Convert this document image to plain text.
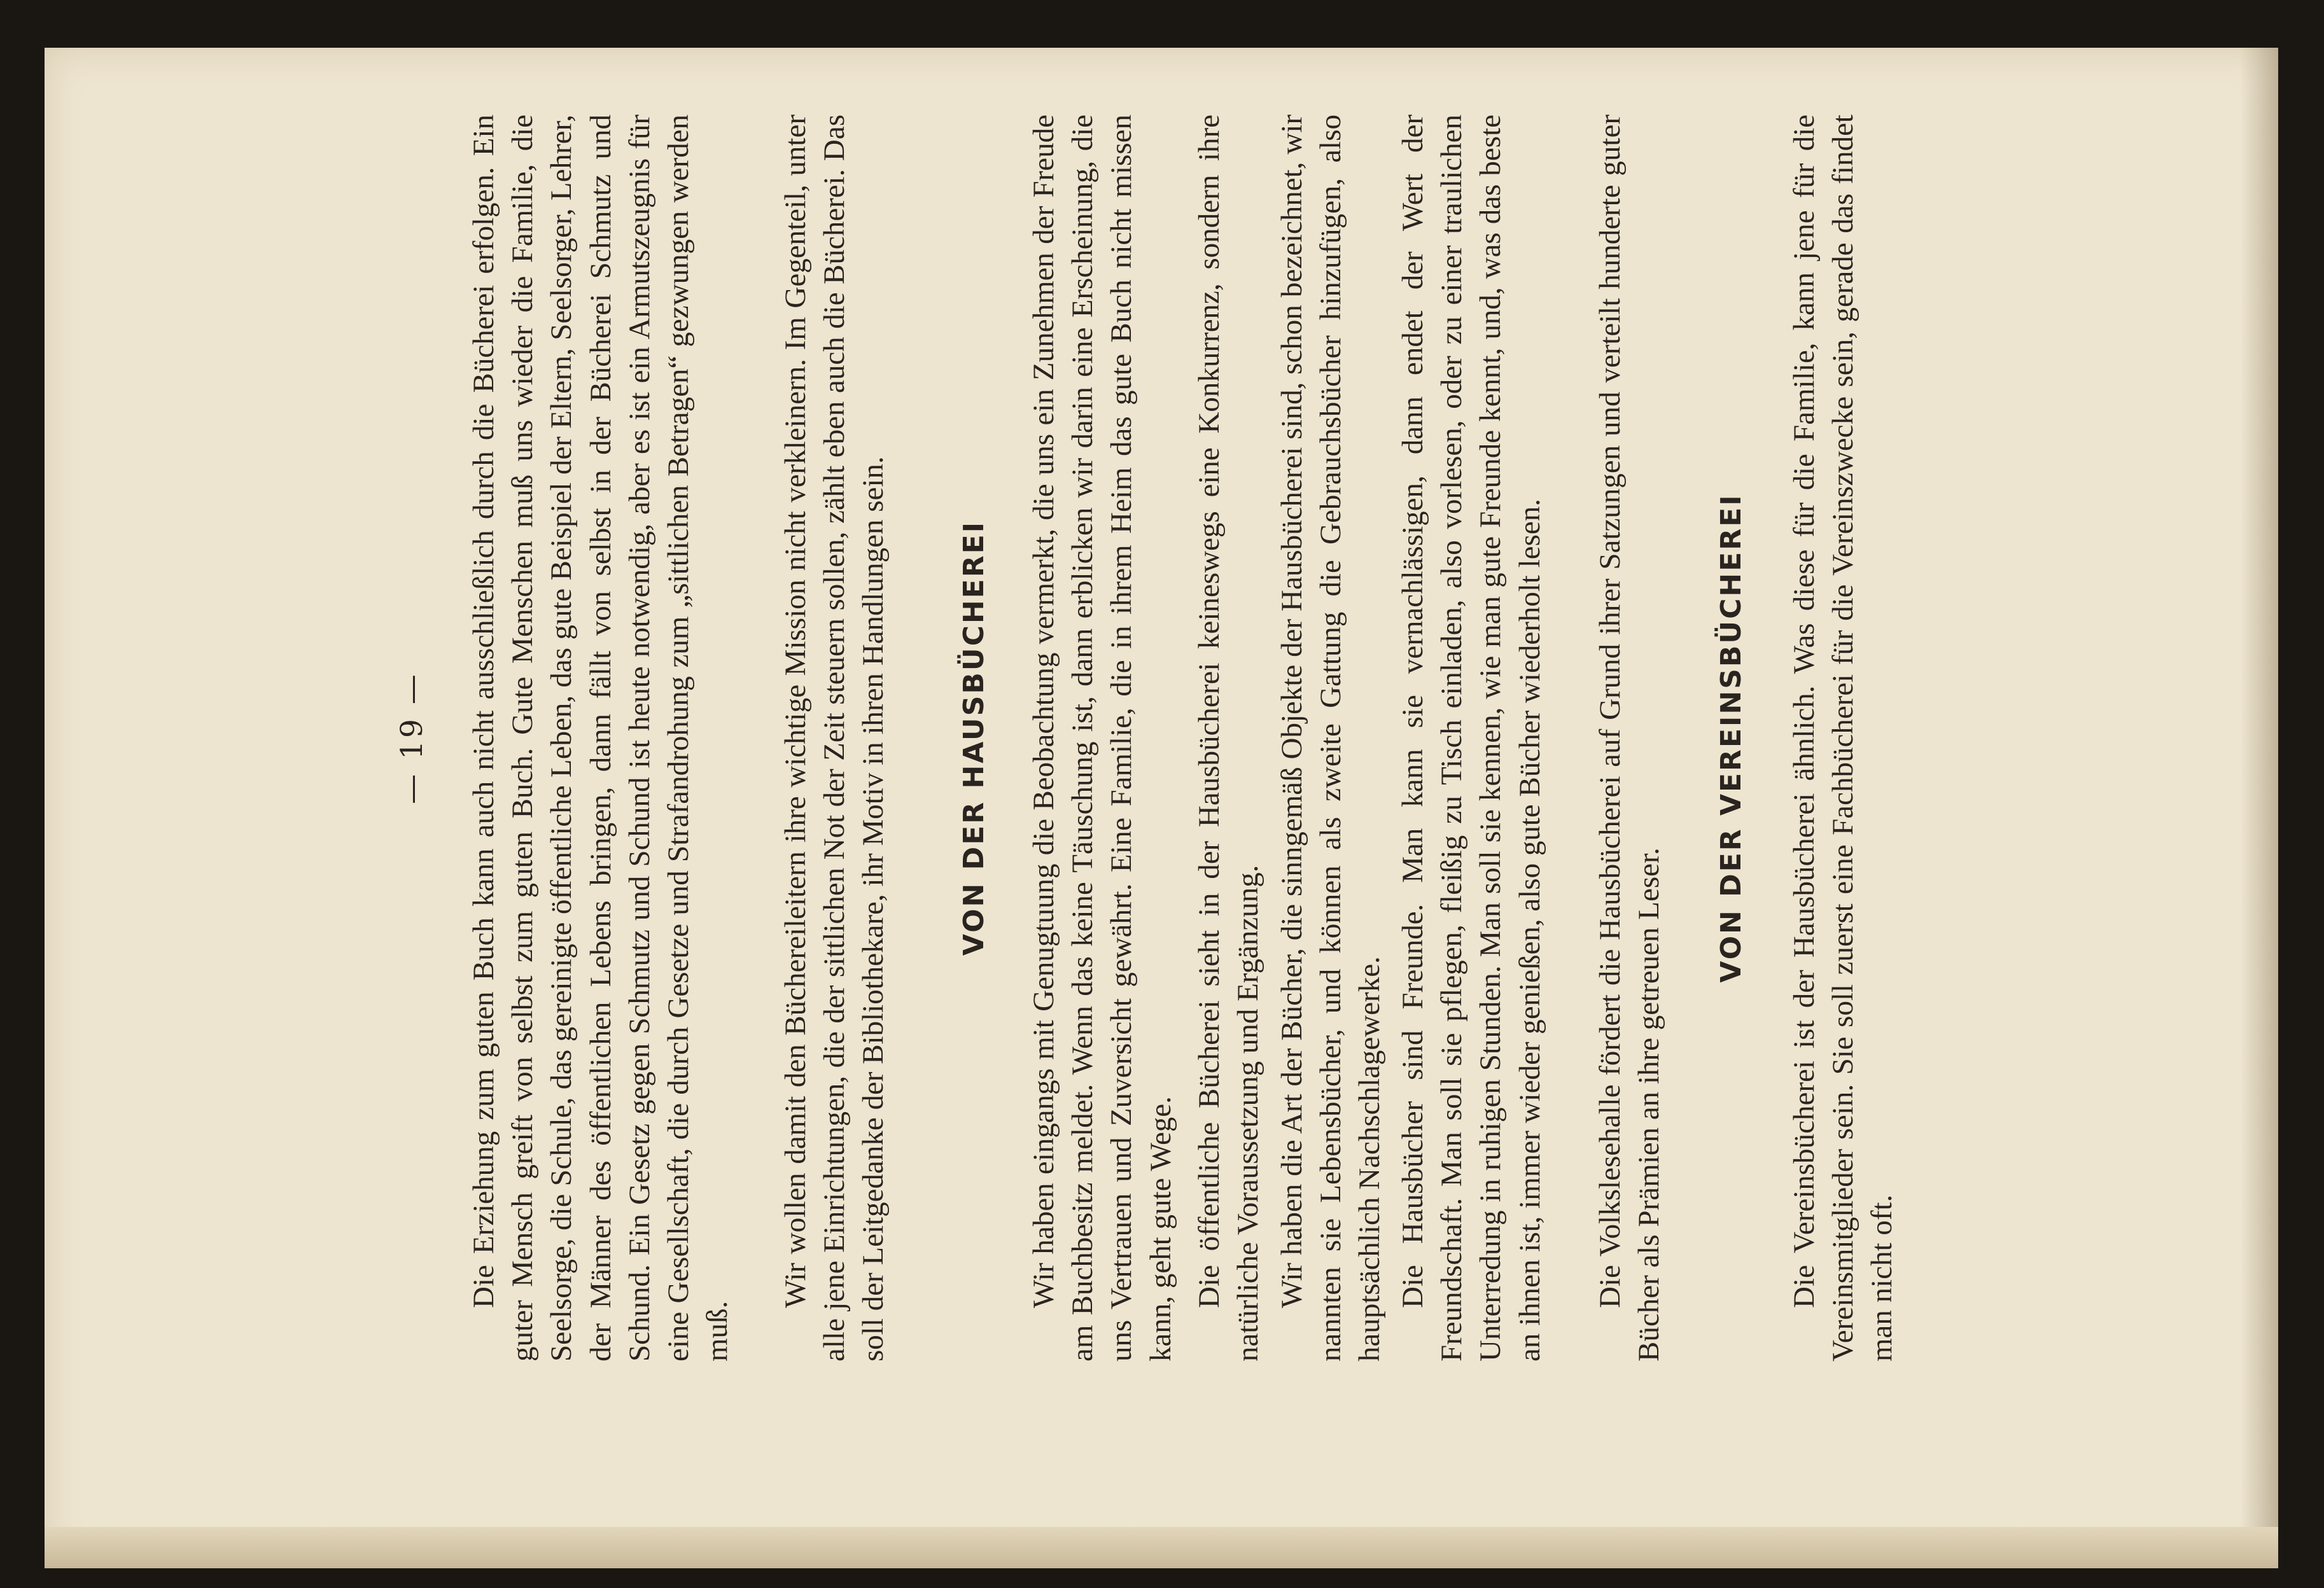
— 19 — Die Erziehung zum guten Buch kann auch nicht ausschließlich durch die Bücherei erfolgen. Ein guter Mensch greift von selbst zum guten Buch. Gute Menschen muß uns wieder die Familie, die Seelsorge, die Schule, das gereinigte öffentliche Leben, das gute Beispiel der Eltern, Seelsorger, Lehrer, der Männer des öffentlichen Lebens bringen, dann fällt von selbst in der Bücherei Schmutz und Schund. Ein Gesetz gegen Schmutz und Schund ist heute notwendig, aber es ist ein Armutszeugnis für eine Gesellschaft, die durch Gesetze und Strafandrohung zum „sittlichen Betragen“ gezwungen werden muß.

Wir wollen damit den Büchereileitern ihre wichtige Mission nicht verkleinern. Im Gegenteil, unter alle jene Einrichtungen, die der sittlichen Not der Zeit steuern sollen, zählt eben auch die Bücherei. Das soll der Leitgedanke der Bibliothekare, ihr Motiv in ihren Handlungen sein. VON DER HAUSBÜCHEREI Wir haben eingangs mit Genugtuung die Beobachtung vermerkt, die uns ein Zunehmen der Freude am Buchbesitz meldet. Wenn das keine Täuschung ist, dann erblicken wir darin eine Erscheinung, die uns Vertrauen und Zuversicht gewährt. Eine Familie, die in ihrem Heim das gute Buch nicht missen kann, geht gute Wege. Die öffentliche Bücherei sieht in der Hausbücherei keineswegs eine Konkurrenz, sondern ihre natürliche Voraussetzung und Ergänzung. Wir haben die Art der Bücher, die sinngemäß Objekte der Hausbücherei sind, schon bezeichnet, wir nannten sie Lebensbücher, und können als zweite Gattung die Gebrauchsbücher hinzufügen, also hauptsächlich Nachschlagewerke. Die Hausbücher sind Freunde. Man kann sie vernachlässigen, dann endet der Wert der Freundschaft. Man soll sie pflegen, fleißig zu Tisch einladen, also vorlesen, oder zu einer traulichen Unterredung in ruhigen Stunden. Man soll sie kennen, wie man gute Freunde kennt, und, was das beste an ihnen ist, immer wieder genießen, also gute Bücher wiederholt lesen. Die Volkslesehalle fördert die Hausbücherei auf Grund ihrer Satzungen und verteilt hunderte guter Bücher als Prämien an ihre getreuen Leser.

VON DER VEREINSBÜCHEREI Die Vereinsbücherei ist der Hausbücherei ähnlich. Was diese für die Familie, kann jene für die Vereinsmitglieder sein. Sie soll zuerst eine Fachbücherei für die Vereinszwecke sein, gerade das findet man nicht oft.
